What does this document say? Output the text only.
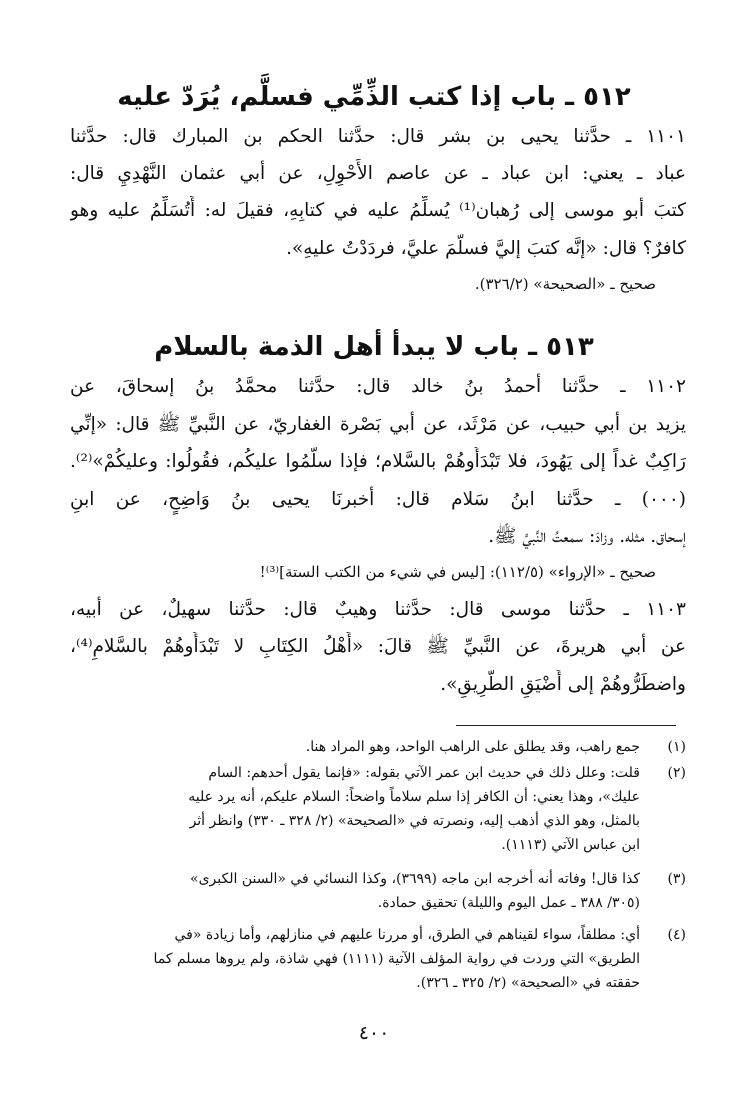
٥١٢ ـ باب إذا كتب الذِّمِّي فسلَّم، يُرَدّ عليه
١١٠١ ـ حدَّثنا يحيى بن بشر قال: حدَّثنا الحكم بن المبارك قال: حدَّثنا
عباد ـ يعني: ابن عباد ـ عن عاصم الأَحْوِلِ، عن أبي عثمان النَّهْدِيِ قال:
كتبَ أبو موسى إلى رُهبان⁽¹⁾ يُسلِّمُ عليه في كتابِهِ، فقيلَ له: أَتُسَلِّمُ عليه وهو
كافرٌ؟ قال: «إنَّه كتبَ إليَّ فسلَّمَ عليَّ، فردَدْتُ عليهِ».
صحيح ـ «الصحيحة» (٣٢٦/٢).
٥١٣ ـ باب لا يبدأ أهل الذمة بالسلام
١١٠٢ ـ حدَّثنا أحمدُ بنُ خالد قال: حدَّثنا محمَّدُ بنُ إسحاقَ، عن
يزيد بن أبي حبيب، عن مَرْثَد، عن أبي بَصْرة الغفاريّ، عن النَّبيِّ ﷺ قال: «إنِّي
رَاكِبٌ غداً إلى يَهُودَ، فلا تَبْدَأُوهُمْ بالسَّلام؛ فإذا سلَّمُوا عليكُم، فقُولُوا: وعليكُمْ»⁽²⁾.
(٠٠٠) ـ حدَّثنا ابنُ سَلام قال: أخبرنَا يحيى بنُ وَاضِحٍ، عن ابنِ
إسحاق. مثله. وزادَ: سمعتُ النَّبيَّ ﷺ.
صحيح ـ «الإرواء» (١١٢/٥): [ليس في شيء من الكتب الستة]⁽³⁾!
١١٠٣ ـ حدَّثنا موسى قال: حدَّثنا وهيبٌ قال: حدَّثنا سهيلٌ، عن أبيه،
عن أبي هريرةَ، عن النَّبيِّ ﷺ قالَ: «أَهْلُ الكِتَابِ لا تَبْدَأُوهُمْ بالسَّلامِ⁽⁴⁾،
واضطَرُّوهُمْ إلى أَضْيَقِ الطَّرِيقِ».
(١)
جمع راهب، وقد يطلق على الراهب الواحد، وهو المراد هنا.
(٢)
قلت: وعلل ذلك في حديث ابن عمر الآتي بقوله: «فإنما يقول أحدهم: السام
عليك»، وهذا يعني: أن الكافر إذا سلم سلاماً واضحاً: السلام عليكم، أنه يرد عليه
بالمثل، وهو الذي أذهب إليه، ونصرته في «الصحيحة» (٢/ ٣٢٨ ـ ٣٣٠) وانظر أثر
ابن عباس الآتي (١١١٣).
(٣)
كذا قال! وفاته أنه أخرجه ابن ماجه (٣٦٩٩)، وكذا النسائي في «السنن الكبرى»
(٣٠٥/ ٣٨٨ ـ عمل اليوم والليلة) تحقيق حمادة.
(٤)
أي: مطلقاً، سواء لقيناهم في الطرق، أو مررنا عليهم في منازلهم، وأما زيادة «في
الطريق» التي وردت في رواية المؤلف الآتية (١١١١) فهي شاذة، ولم يروها مسلم كما
حققته في «الصحيحة» (٢/ ٣٢٥ ـ ٣٢٦).
٤٠٠
